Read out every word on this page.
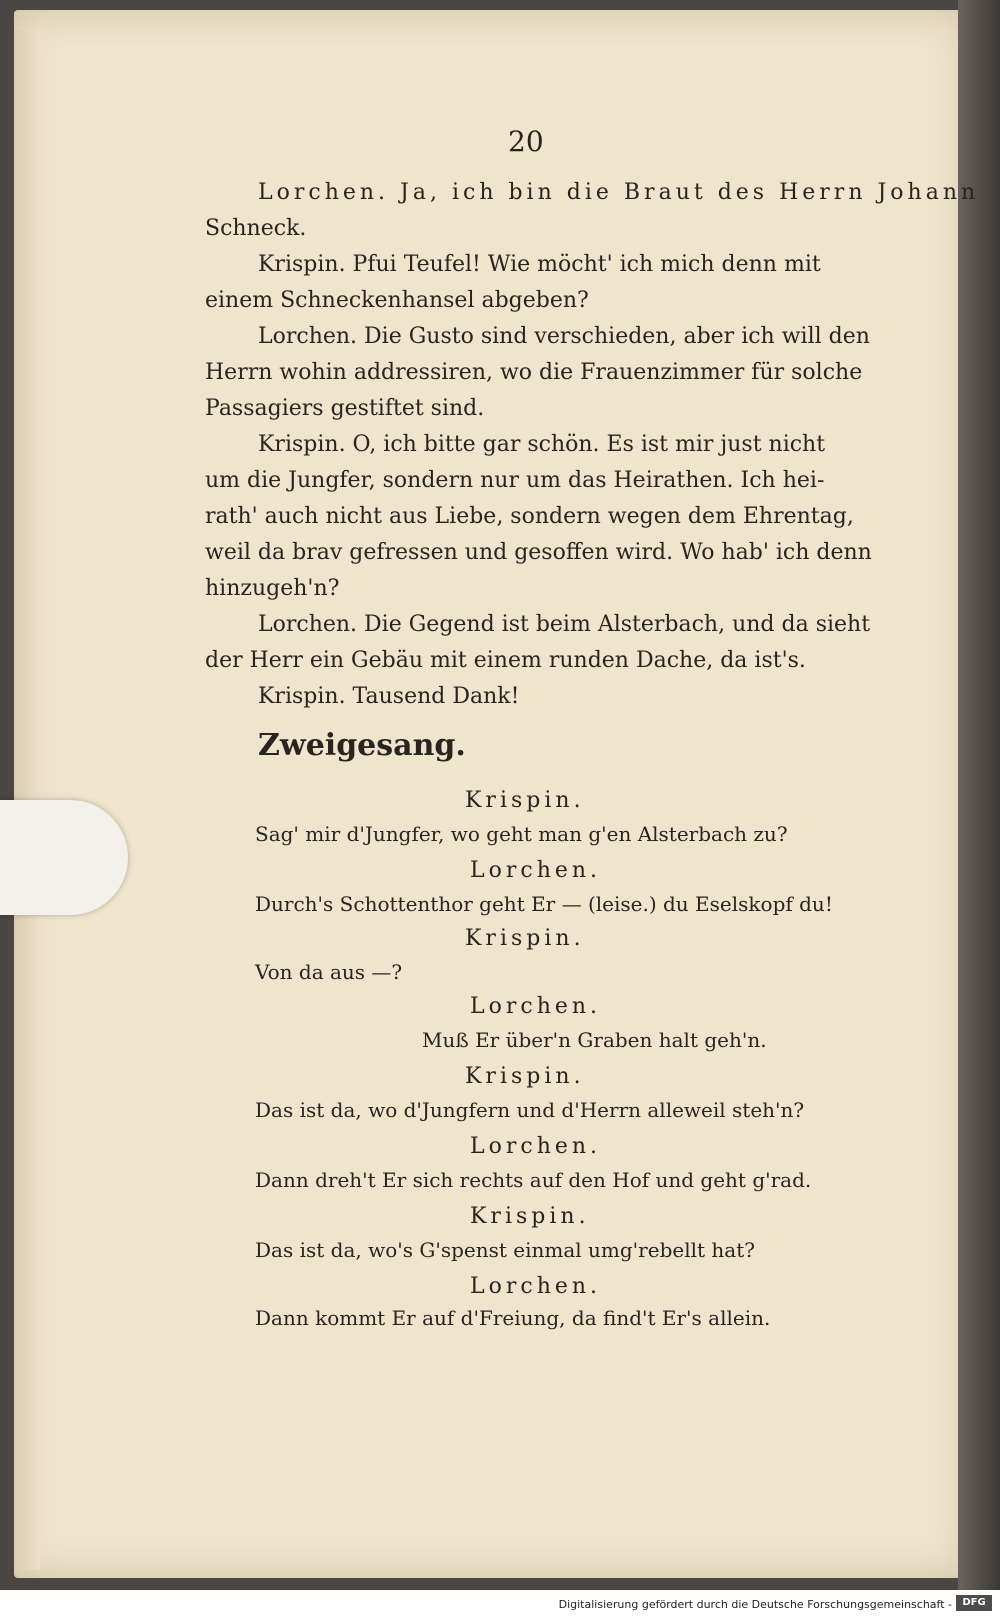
20
Lorchen. Ja, ich bin die Braut des Herrn Johann
Schneck.
Krispin. Pfui Teufel! Wie möcht' ich mich denn mit
einem Schneckenhansel abgeben?
Lorchen. Die Gusto sind verschieden, aber ich will den
Herrn wohin addressiren, wo die Frauenzimmer für solche
Passagiers gestiftet sind.
Krispin. O, ich bitte gar schön. Es ist mir just nicht
um die Jungfer, sondern nur um das Heirathen. Ich hei-
rath' auch nicht aus Liebe, sondern wegen dem Ehrentag,
weil da brav gefressen und gesoffen wird. Wo hab' ich denn
hinzugeh'n?
Lorchen. Die Gegend ist beim Alsterbach, und da sieht
der Herr ein Gebäu mit einem runden Dache, da ist's.
Krispin. Tausend Dank!
Zweigesang.
Krispin.
Sag' mir d'Jungfer, wo geht man g'en Alsterbach zu?
Lorchen.
Durch's Schottenthor geht Er — (leise.) du Eselskopf du!
Krispin.
Von da aus —?
Lorchen.
Muß Er über'n Graben halt geh'n.
Krispin.
Das ist da, wo d'Jungfern und d'Herrn alleweil steh'n?
Lorchen.
Dann dreh't Er sich rechts auf den Hof und geht g'rad.
Krispin.
Das ist da, wo's G'spenst einmal umg'rebellt hat?
Lorchen.
Dann kommt Er auf d'Freiung, da find't Er's allein.
Digitalisierung gefördert durch die Deutsche Forschungsgemeinschaft -	DFG
